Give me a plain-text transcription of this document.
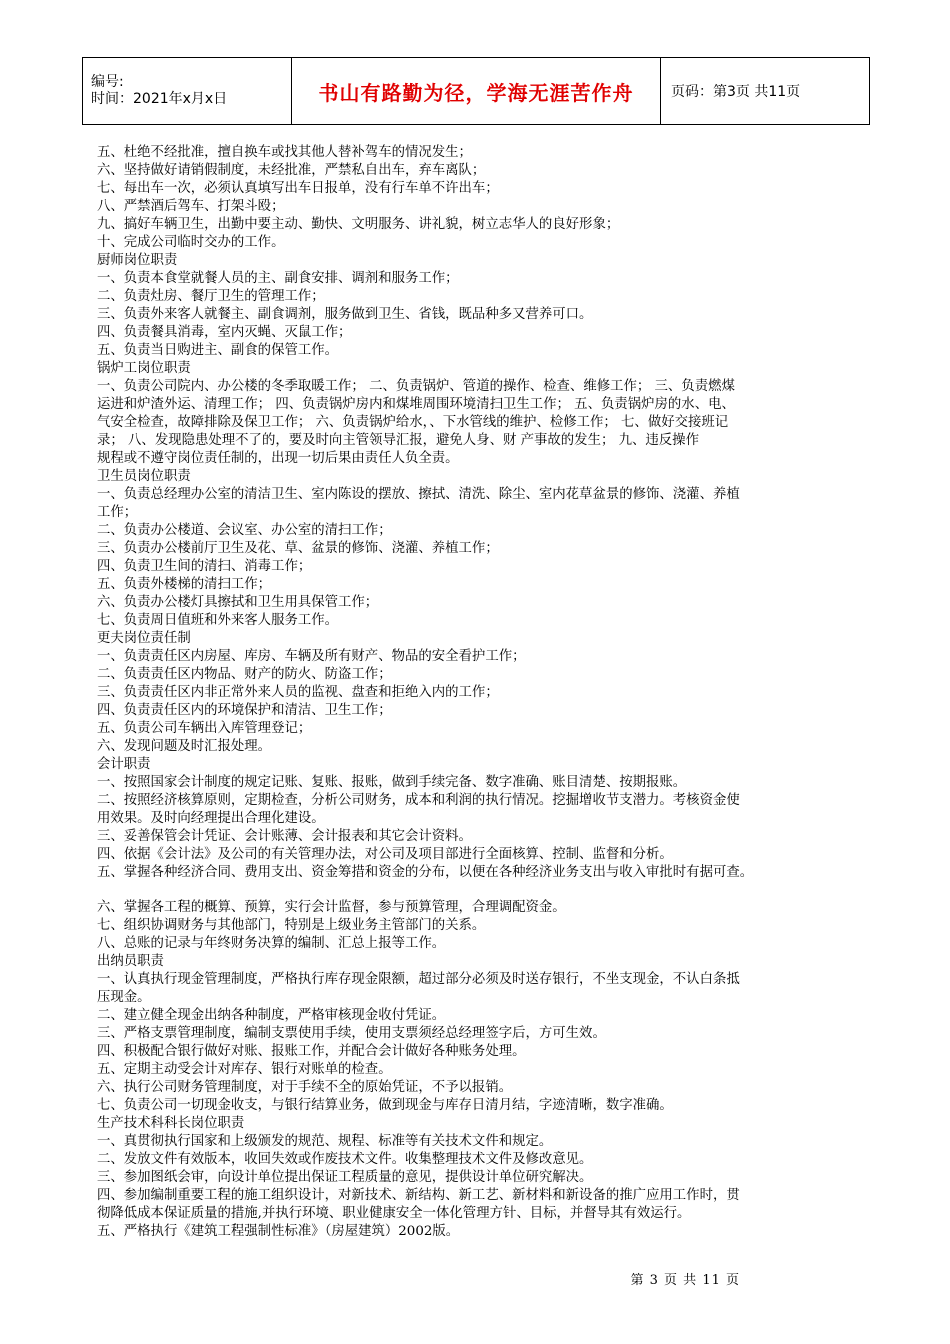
编号:
时间：2021年x月x日	书山有路勤为径，学海无涯苦作舟	页码：第3页 共11页
五、杜绝不经批准，擅自换车或找其他人替补驾车的情况发生；
六、坚持做好请销假制度，未经批准，严禁私自出车，弃车离队；
七、每出车一次，必须认真填写出车日报单，没有行车单不许出车；
八、严禁酒后驾车、打架斗殴；
九、搞好车辆卫生，出勤中要主动、勤快、文明服务、讲礼貌，树立志华人的良好形象；
十、完成公司临时交办的工作。
厨师岗位职责
一、负责本食堂就餐人员的主、副食安排、调剂和服务工作；
二、负责灶房、餐厅卫生的管理工作；
三、负责外来客人就餐主、副食调剂，服务做到卫生、省钱，既品种多又营养可口。
四、负责餐具消毒，室内灭蝇、灭鼠工作；
五、负责当日购进主、副食的保管工作。
锅炉工岗位职责
一、负责公司院内、办公楼的冬季取暖工作； 二、负责锅炉、管道的操作、检查、维修工作； 三、负责燃煤
运进和炉渣外运、清理工作； 四、负责锅炉房内和煤堆周围环境清扫卫生工作； 五、负责锅炉房的水、电、
气安全检查，故障排除及保卫工作； 六、负责锅炉给水，、下水管线的维护、检修工作； 七、做好交接班记
录； 八、发现隐患处理不了的，要及时向主管领导汇报，避免人身、财 产事故的发生； 九、违反操作
规程或不遵守岗位责任制的，出现一切后果由责任人负全责。
卫生员岗位职责
一、负责总经理办公室的清洁卫生、室内陈设的摆放、擦拭、清洗、除尘、室内花草盆景的修饰、浇灌、养植
工作；
二、负责办公楼道、会议室、办公室的清扫工作；
三、负责办公楼前厅卫生及花、草、盆景的修饰、浇灌、养植工作；
四、负责卫生间的清扫、消毒工作；
五、负责外楼梯的清扫工作；
六、负责办公楼灯具擦拭和卫生用具保管工作；
七、负责周日值班和外来客人服务工作。
更夫岗位责任制
一、负责责任区内房屋、库房、车辆及所有财产、物品的安全看护工作；
二、负责责任区内物品、财产的防火、防盗工作；
三、负责责任区内非正常外来人员的监视、盘查和拒绝入内的工作；
四、负责责任区内的环境保护和清洁、卫生工作；
五、负责公司车辆出入库管理登记；
六、发现问题及时汇报处理。
会计职责
一、按照国家会计制度的规定记账、复账、报账，做到手续完备、数字准确、账目清楚、按期报账。
二、按照经济核算原则，定期检查，分析公司财务，成本和利润的执行情况。挖掘增收节支潜力。考核资金使
用效果。及时向经理提出合理化建设。
三、妥善保管会计凭证、会计账薄、会计报表和其它会计资料。
四、依据《会计法》及公司的有关管理办法，对公司及项目部进行全面核算、控制、监督和分析。
五、掌握各种经济合同、费用支出、资金筹措和资金的分布，以便在各种经济业务支出与收入审批时有据可查。
六、掌握各工程的概算、预算，实行会计监督，参与预算管理，合理调配资金。
七、组织协调财务与其他部门，特别是上级业务主管部门的关系。
八、总账的记录与年终财务决算的编制、汇总上报等工作。
出纳员职责
一、认真执行现金管理制度，严格执行库存现金限额，超过部分必须及时送存银行，不坐支现金，不认白条抵
压现金。
二、建立健全现金出纳各种制度，严格审核现金收付凭证。
三、严格支票管理制度，编制支票使用手续，使用支票须经总经理签字后，方可生效。
四、积极配合银行做好对账、报账工作，并配合会计做好各种账务处理。
五、定期主动受会计对库存、银行对账单的检查。
六、执行公司财务管理制度，对于手续不全的原始凭证，不予以报销。
七、负责公司一切现金收支，与银行结算业务，做到现金与库存日清月结，字迹清晰，数字准确。
生产技术科科长岗位职责
一、真贯彻执行国家和上级颁发的规范、规程、标准等有关技术文件和规定。
二、发放文件有效版本，收回失效或作废技术文件。收集整理技术文件及修改意见。
三、参加图纸会审，向设计单位提出保证工程质量的意见，提供设计单位研究解决。
四、参加编制重要工程的施工组织设计，对新技术、新结构、新工艺、新材料和新设备的推广应用工作时，贯
彻降低成本保证质量的措施,并执行环境、职业健康安全一体化管理方针、目标，并督导其有效运行。
五、严格执行《建筑工程强制性标准》（房屋建筑）2002版。
第 3 页 共 11 页
